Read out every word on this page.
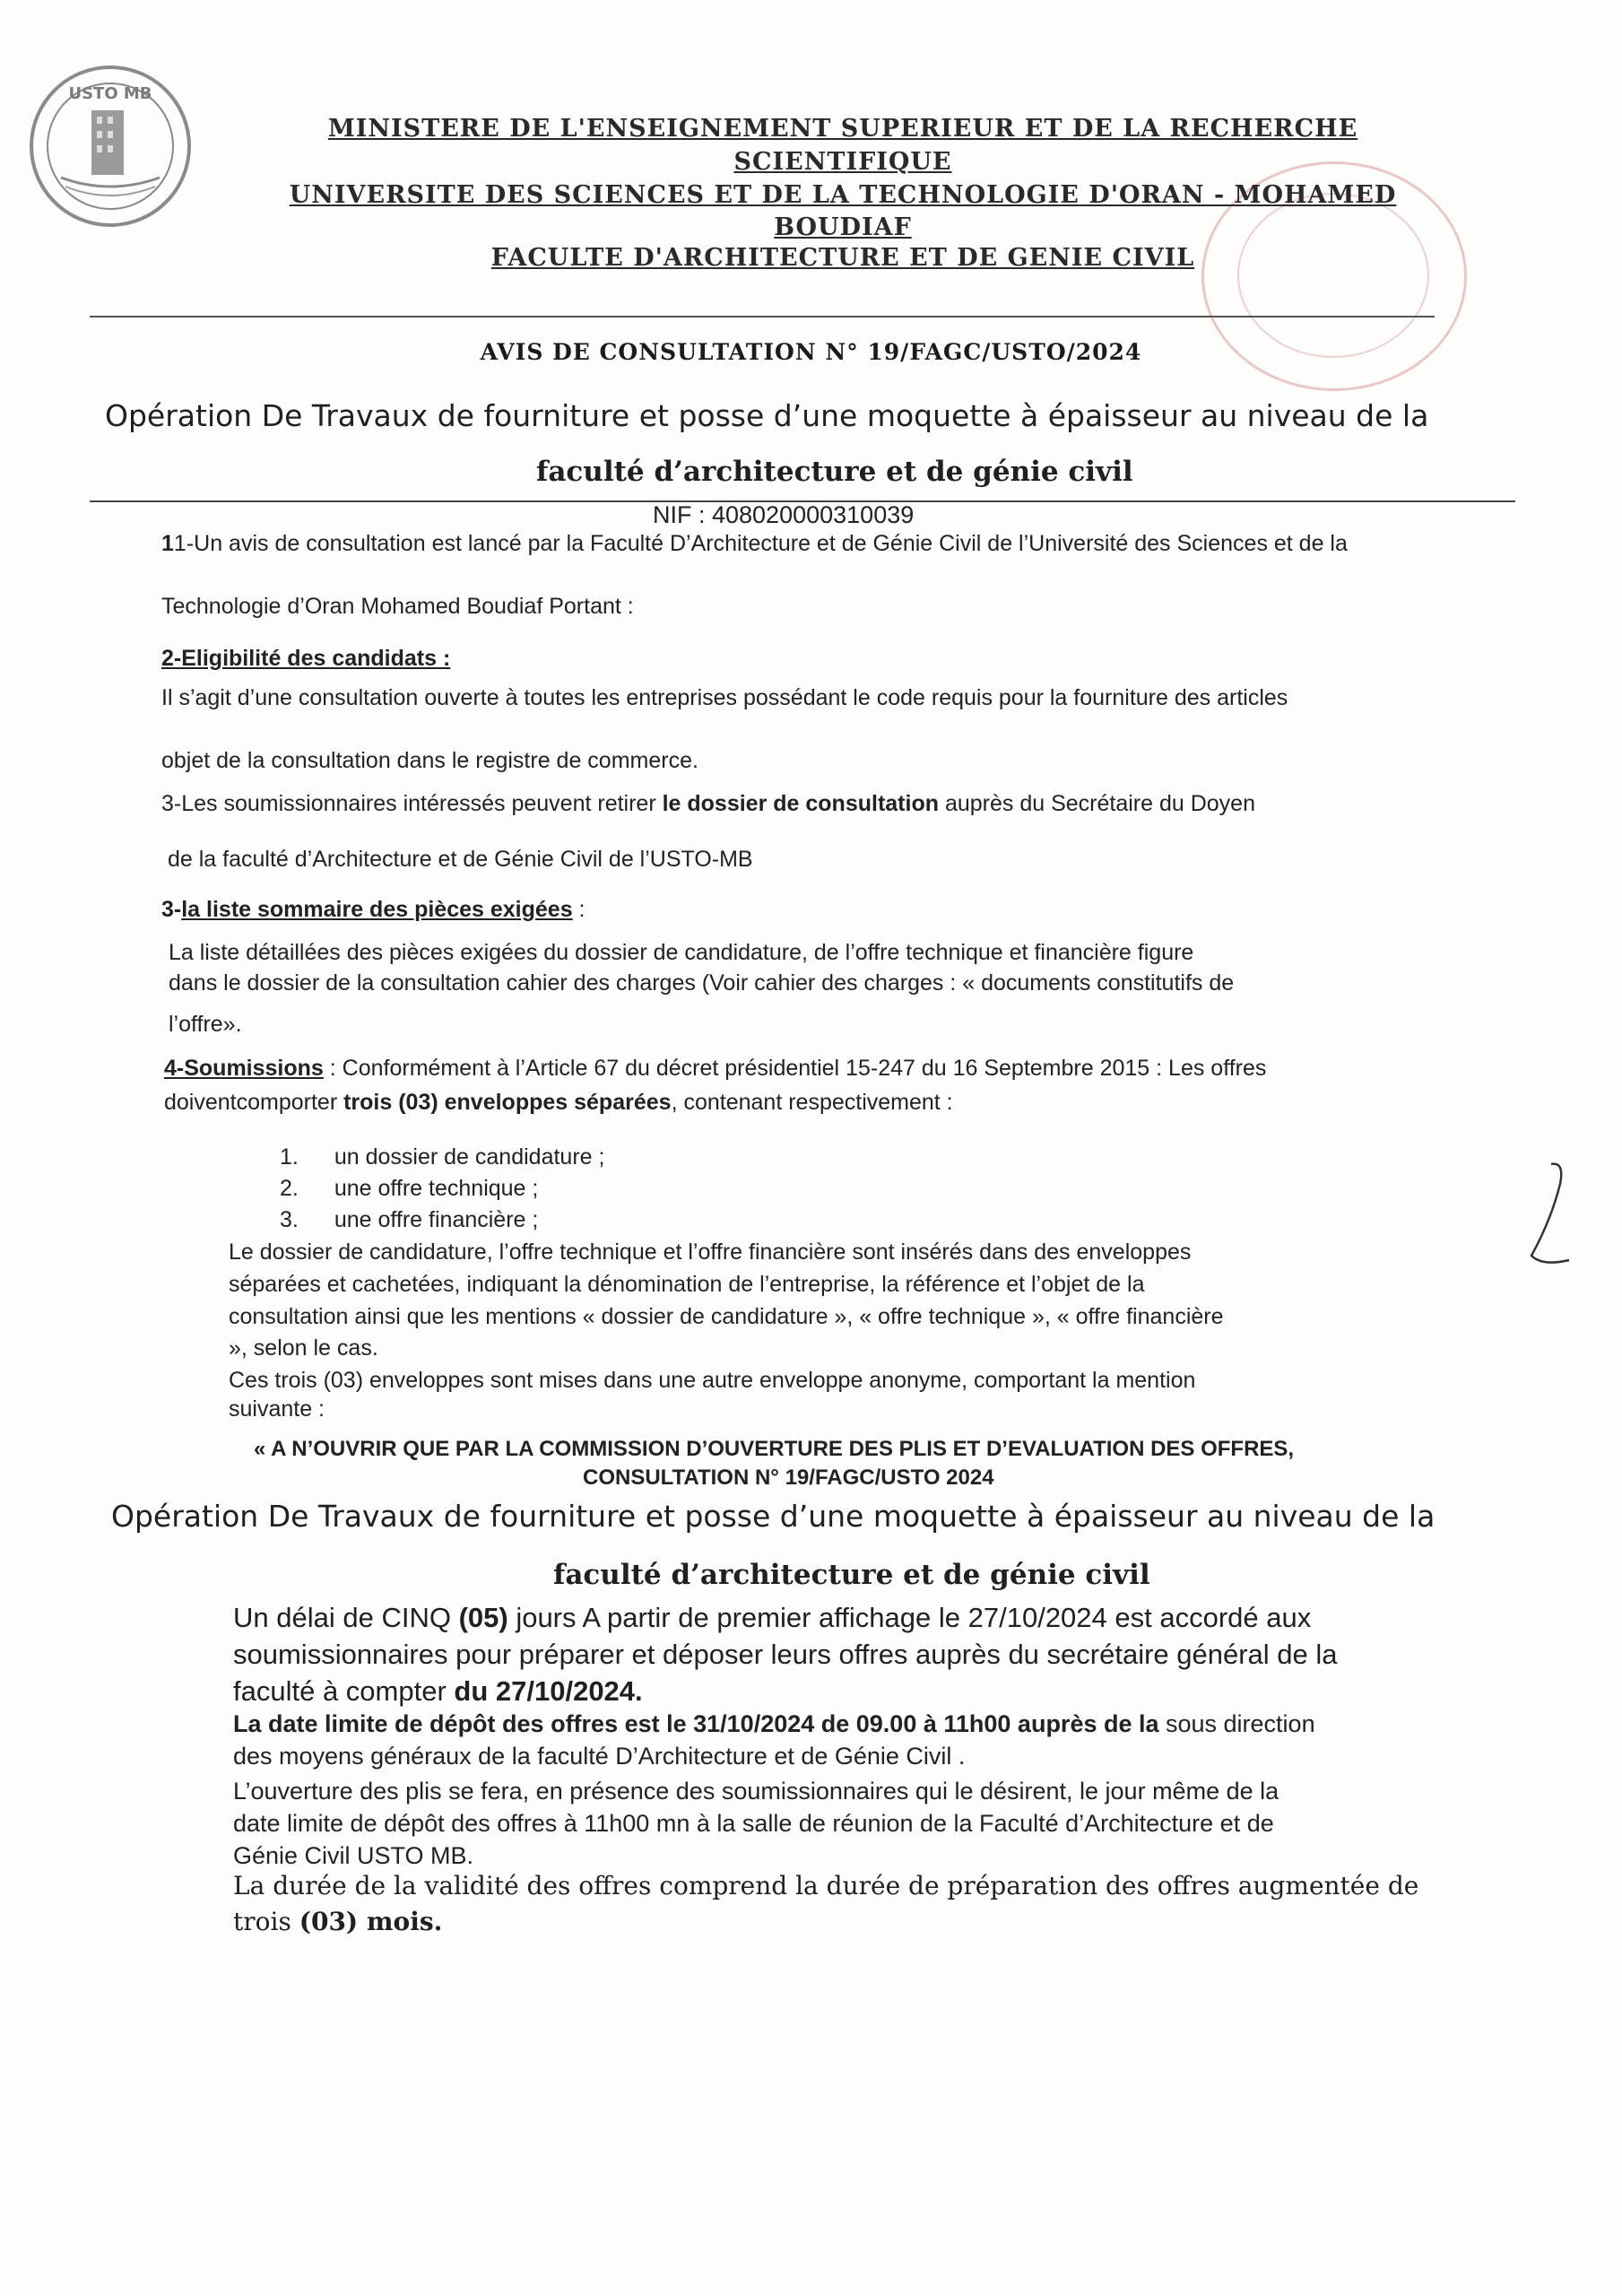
USTO MB
MINISTERE DE L'ENSEIGNEMENT SUPERIEUR ET DE LA RECHERCHE
SCIENTIFIQUE
UNIVERSITE DES SCIENCES ET DE LA TECHNOLOGIE D'ORAN - MOHAMED
BOUDIAF
FACULTE D'ARCHITECTURE ET DE GENIE CIVIL
AVIS DE CONSULTATION N° 19/FAGC/USTO/2024
Opération De Travaux de fourniture et posse d’une moquette à épaisseur au niveau de la
faculté d’architecture et de génie civil
NIF : 408020000310039
11-Un avis de consultation est lancé par la Faculté D’Architecture et de Génie Civil de l’Université des Sciences et de la
Technologie d’Oran Mohamed Boudiaf Portant :
2-Eligibilité des candidats :
Il s’agit d’une consultation ouverte à toutes les entreprises possédant le code requis pour la fourniture des articles
objet de la consultation dans le registre de commerce.
3-Les soumissionnaires intéressés peuvent retirer le dossier de consultation auprès du Secrétaire du Doyen
de la faculté d’Architecture et de Génie Civil de l’USTO-MB
3-la liste sommaire des pièces exigées :
La liste détaillées des pièces exigées du dossier de candidature, de l’offre technique et financière figure
dans le dossier de la consultation cahier des charges (Voir cahier des charges : « documents constitutifs de
l’offre».
4-Soumissions : Conformément à l’Article 67 du décret présidentiel 15-247 du 16 Septembre 2015 : Les offres
doiventcomporter trois (03) enveloppes séparées, contenant respectivement :
1. un dossier de candidature ;
2. une offre technique ;
3. une offre financière ;
Le dossier de candidature, l’offre technique et l’offre financière sont insérés dans des enveloppes
séparées et cachetées, indiquant la dénomination de l’entreprise, la référence et l’objet de la
consultation ainsi que les mentions « dossier de candidature », « offre technique », « offre financière
», selon le cas.
Ces trois (03) enveloppes sont mises dans une autre enveloppe anonyme, comportant la mention
suivante :
« A N’OUVRIR QUE PAR LA COMMISSION D’OUVERTURE DES PLIS ET D’EVALUATION DES OFFRES,
CONSULTATION N° 19/FAGC/USTO 2024
Opération De Travaux de fourniture et posse d’une moquette à épaisseur au niveau de la
faculté d’architecture et de génie civil
Un délai de CINQ (05) jours A partir de premier affichage le 27/10/2024 est accordé aux
soumissionnaires pour préparer et déposer leurs offres auprès du secrétaire général de la
faculté à compter du 27/10/2024.
La date limite de dépôt des offres est le 31/10/2024 de 09.00 à 11h00 auprès de la sous direction
des moyens généraux de la faculté D’Architecture et de Génie Civil .
L’ouverture des plis se fera, en présence des soumissionnaires qui le désirent, le jour même de la
date limite de dépôt des offres à 11h00 mn à la salle de réunion de la Faculté d’Architecture et de
Génie Civil USTO MB.
La durée de la validité des offres comprend la durée de préparation des offres augmentée de
trois (03) mois.
